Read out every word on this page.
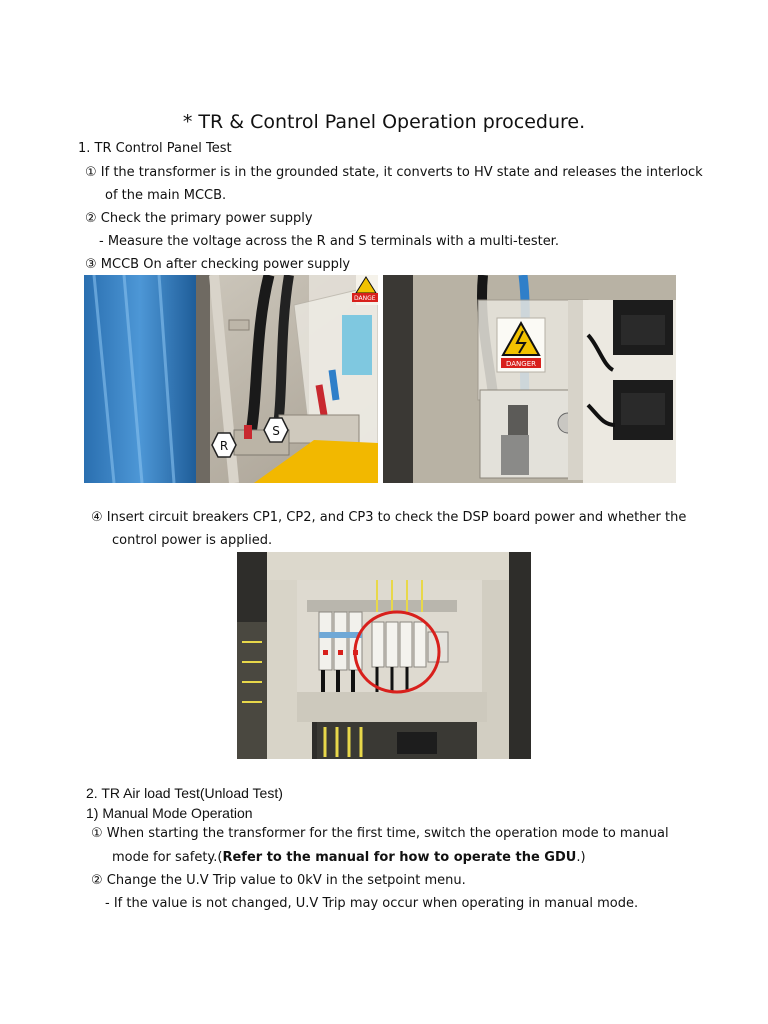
* TR & Control Panel Operation procedure.
1. TR Control Panel Test
① If the transformer is in the grounded state, it converts to HV state and releases the interlock
of the main MCCB.
② Check the primary power supply
- Measure the voltage across the R and S terminals with a multi-tester.
③ MCCB On after checking power supply
DANGE
R
S
DANGER
④ Insert circuit breakers CP1, CP2, and CP3 to check the DSP board power and whether the
control power is applied.
2. TR Air load Test(Unload Test)
1) Manual Mode Operation
① When starting the transformer for the first time, switch the operation mode to manual
mode for safety.(Refer to the manual for how to operate the GDU.)
② Change the U.V Trip value to 0kV in the setpoint menu.
- If the value is not changed, U.V Trip may occur when operating in manual mode.
